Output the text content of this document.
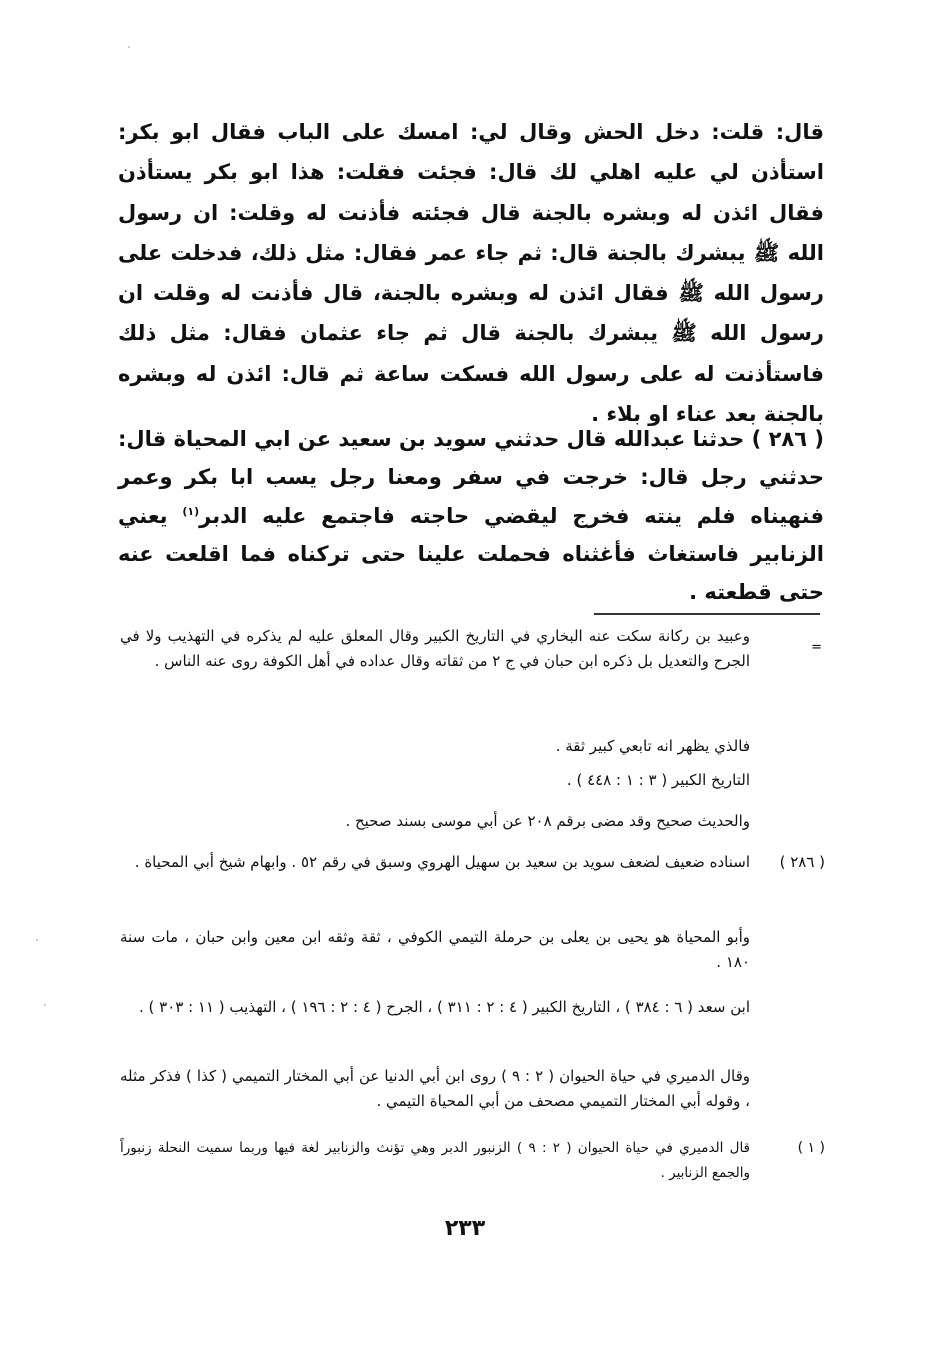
قال: قلت: دخل الحش وقال لي: امسك على الباب فقال ابو بكر: استأذن لي عليه اهلي لك قال: فجئت فقلت: هذا ابو بكر يستأذن فقال ائذن له وبشره بالجنة قال فجئته فأذنت له وقلت: ان رسول الله ﷺ يبشرك بالجنة قال: ثم جاء عمر فقال: مثل ذلك، فدخلت على رسول الله ﷺ فقال ائذن له وبشره بالجنة، قال فأذنت له وقلت ان رسول الله ﷺ يبشرك بالجنة قال ثم جاء عثمان فقال: مثل ذلك فاستأذنت له على رسول الله فسكت ساعة ثم قال: ائذن له وبشره بالجنة بعد عناء او بلاء .
( ٢٨٦ ) حدثنا عبدالله قال حدثني سويد بن سعيد عن ابي المحياة قال: حدثني رجل قال: خرجت في سفر ومعنا رجل يسب ابا بكر وعمر فنهيناه فلم ينته فخرج ليقضي حاجته فاجتمع عليه الدبر$^{(١)}$ يعني الزنابير فاستغاث فأغثناه فحملت علينا حتى تركناه فما اقلعت عنه حتى قطعته .
=
وعبيد بن ركانة سكت عنه البخاري في التاريخ الكبير وقال المعلق عليه لم يذكره في التهذيب ولا في الجرح والتعديل بل ذكره ابن حبان في ج ٢ من ثقاته وقال عداده في أهل الكوفة روى عنه الناس .
فالذي يظهر انه تابعي كبير ثقة .
التاريخ الكبير ( ٣ : ١ : ٤٤٨ ) .
والحديث صحيح وقد مضى برقم ٢٠٨ عن أبي موسى بسند صحيح .
( ٢٨٦ )
اسناده ضعيف لضعف سويد بن سعيد بن سهيل الهروي وسبق في رقم ٥٢ . وابهام شيخ أبي المحياة .
وأبو المحياة هو يحيى بن يعلى بن حرملة التيمي الكوفي ، ثقة وثقه ابن معين وابن حبان ، مات سنة ١٨٠ .
ابن سعد ( ٦ : ٣٨٤ ) ، التاريخ الكبير ( ٤ : ٢ : ٣١١ ) ، الجرح ( ٤ : ٢ : ١٩٦ ) ، التهذيب ( ١١ : ٣٠٣ ) .
وقال الدميري في حياة الحيوان ( ٢ : ٩ ) روى ابن أبي الدنيا عن أبي المختار التميمي ( كذا ) فذكر مثله ، وقوله أبي المختار التميمي مصحف من أبي المحياة التيمي .
( ١ )
قال الدميري في حياة الحيوان ( ٢ : ٩ ) الزنبور الدبر وهي تؤنث والزنابير لغة فيها وربما سميت النحلة زنبوراً والجمع الزنابير .
٢٣٣
